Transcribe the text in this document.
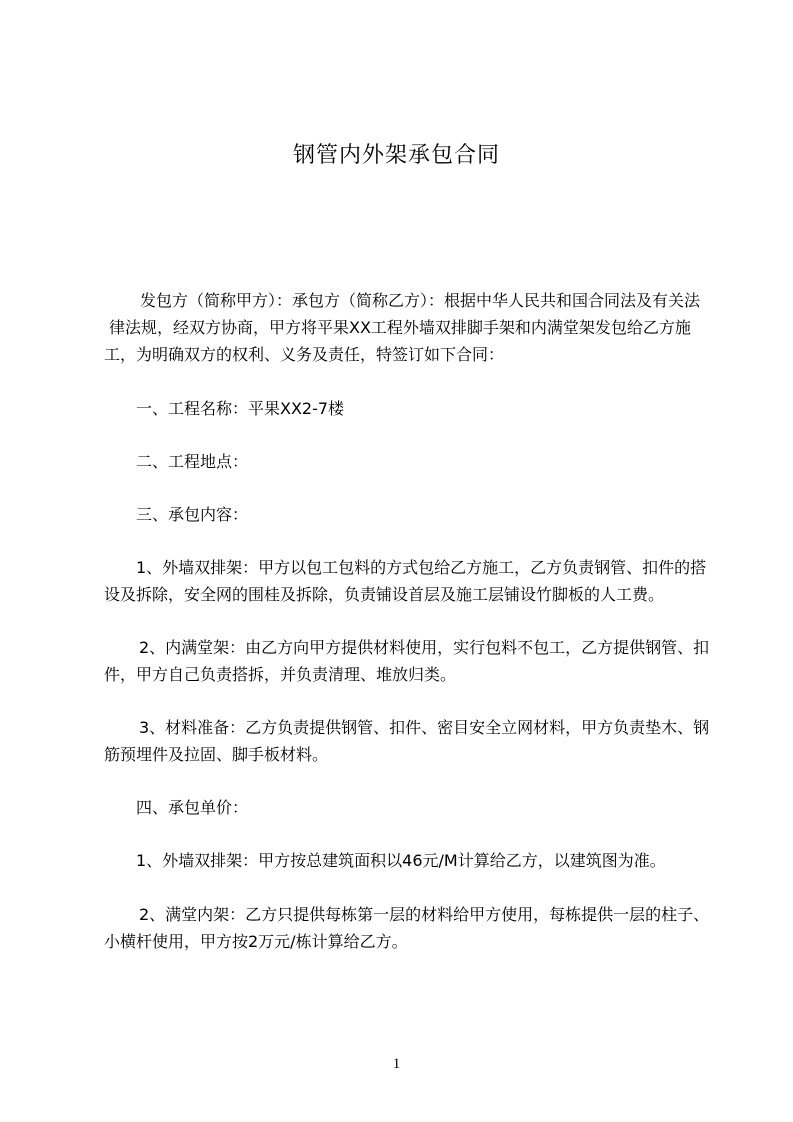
钢管内外架承包合同
发包方（简称甲方）：承包方（简称乙方）：根据中华人民共和国合同法及有关法
律法规，经双方协商，甲方将平果XX工程外墙双排脚手架和内满堂架发包给乙方施
工，为明确双方的权利、义务及责任，特签订如下合同：
一、工程名称：平果XX2-7楼
二、工程地点：
三、承包内容：
1、外墙双排架：甲方以包工包料的方式包给乙方施工，乙方负责钢管、扣件的搭
设及拆除，安全网的围桂及拆除，负责铺设首层及施工层铺设竹脚板的人工费。
2、内满堂架：由乙方向甲方提供材料使用，实行包料不包工，乙方提供钢管、扣
件，甲方自己负责搭拆，并负责清理、堆放归类。
3、材料准备：乙方负责提供钢管、扣件、密目安全立网材料，甲方负责垫木、钢
筋预埋件及拉固、脚手板材料。
四、承包单价：
1、外墙双排架：甲方按总建筑面积以46元/M计算给乙方，以建筑图为准。
2、满堂内架：乙方只提供每栋第一层的材料给甲方使用，每栋提供一层的柱子、
小横杆使用，甲方按2万元/栋计算给乙方。
1
